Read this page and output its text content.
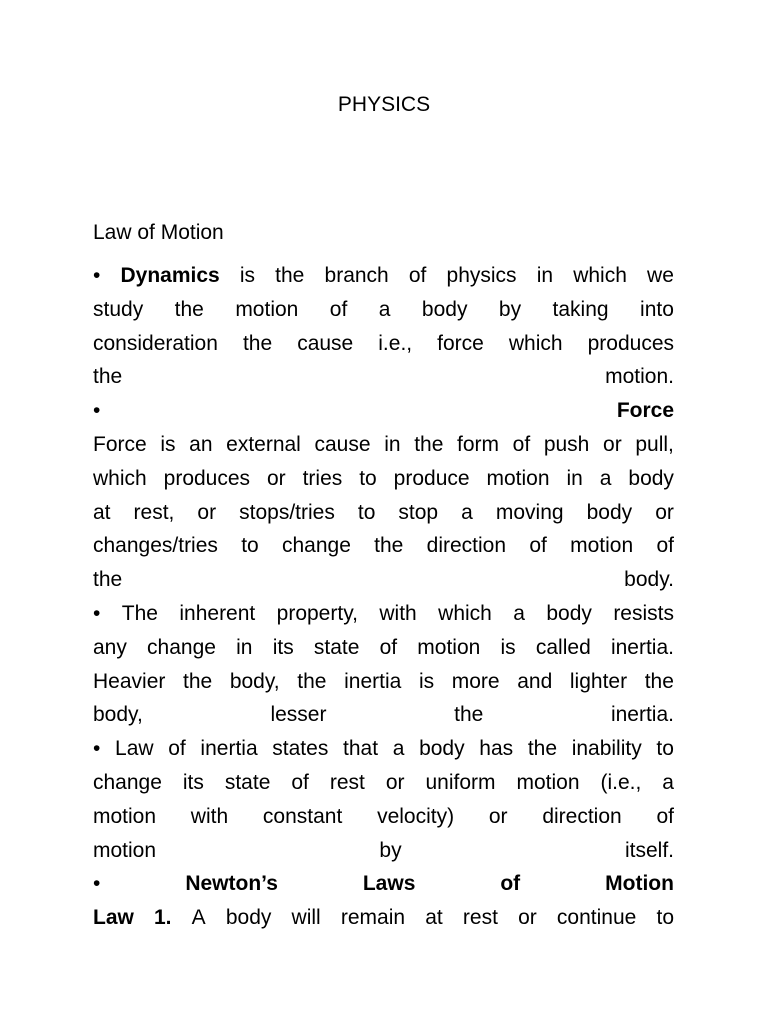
PHYSICS
Law of Motion
• Dynamics is the branch of physics in which we
study the motion of a body by taking into
consideration the cause i.e., force which produces
the	motion.
•	Force
Force is an external cause in the form of push or pull,
which produces or tries to produce motion in a body
at rest, or stops/tries to stop a moving body or
changes/tries to change the direction of motion of
the	body.
• The inherent property, with which a body resists
any change in its state of motion is called inertia.
Heavier the body, the inertia is more and lighter the
body,	lesser	the	inertia.
• Law of inertia states that a body has the inability to
change its state of rest or uniform motion (i.e., a
motion with constant velocity) or direction of
motion	by	itself.
•	Newton’s	Laws	of	Motion
Law 1. A body will remain at rest or continue to
